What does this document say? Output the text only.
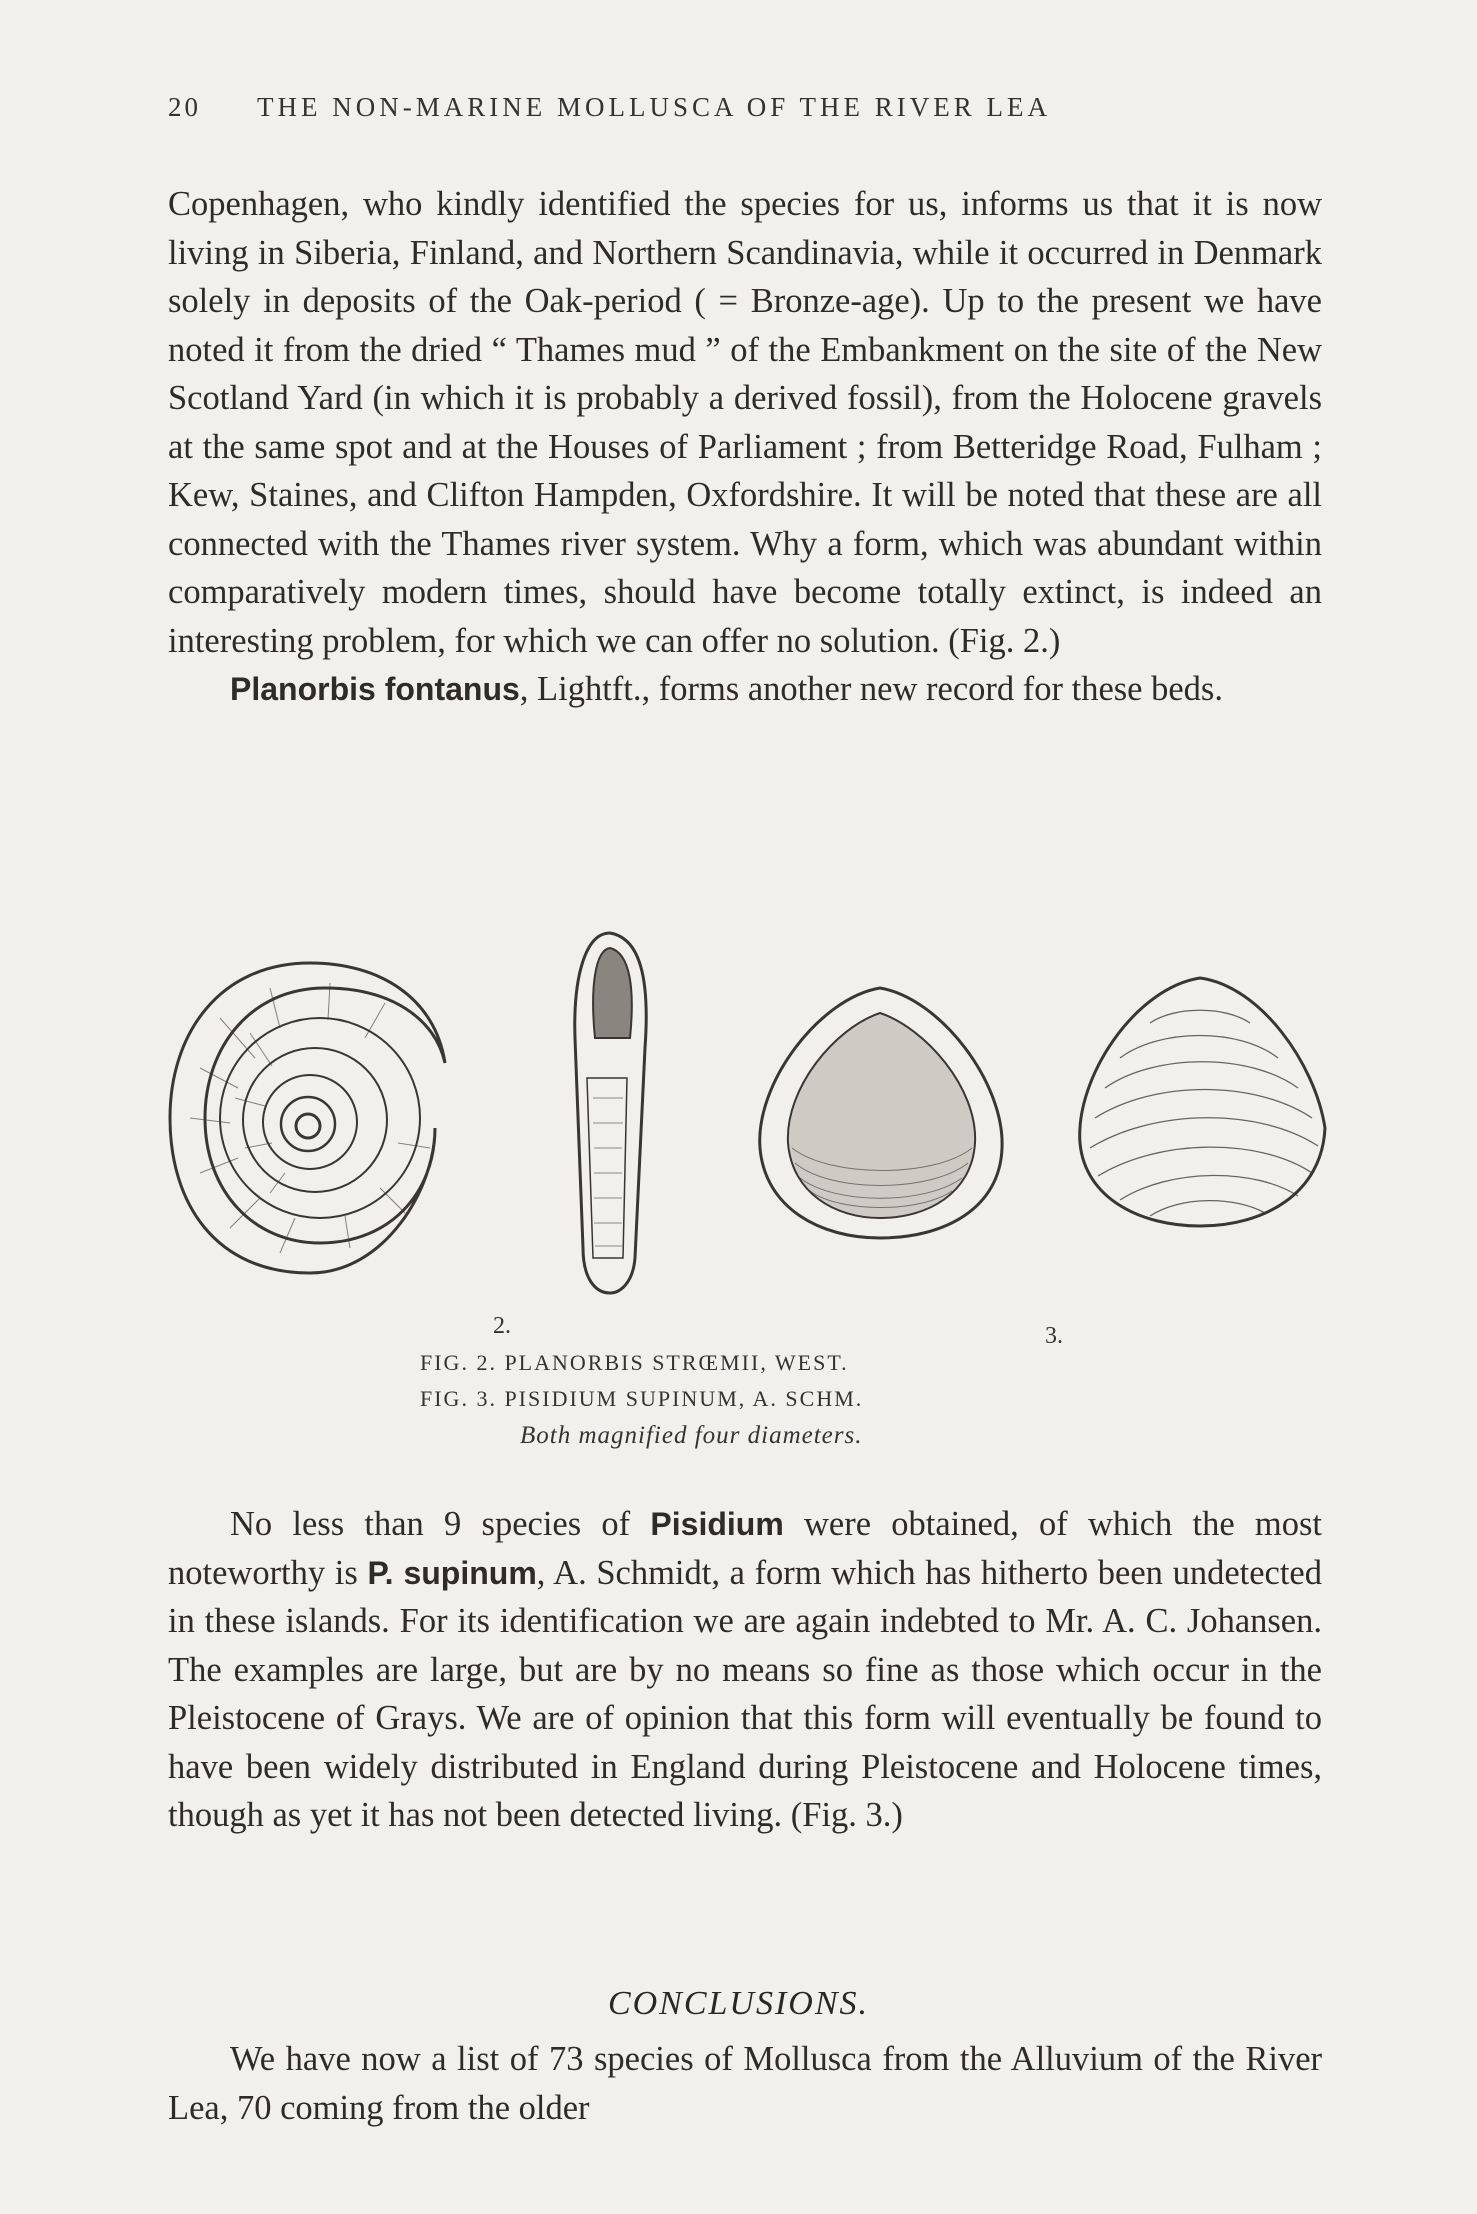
20 THE NON-MARINE MOLLUSCA OF THE RIVER LEA

Copenhagen, who kindly identified the species for us, informs us that it is now living in Siberia, Finland, and Northern Scandinavia, while it occurred in Denmark solely in deposits of the Oak-period ( = Bronze-age). Up to the present we have noted it from the dried “ Thames mud ” of the Embankment on the site of the New Scotland Yard (in which it is probably a derived fossil), from the Holocene gravels at the same spot and at the Houses of Parliament ; from Betteridge Road, Fulham ; Kew, Staines, and Clifton Hampden, Oxfordshire. It will be noted that these are all connected with the Thames river system. Why a form, which was abundant within comparatively modern times, should have become totally extinct, is indeed an interesting problem, for which we can offer no solution. (Fig. 2.)

Planorbis fontanus, Lightft., forms another new record for these beds.

2.	3.
FIG. 2. PLANORBIS STRŒMII, WEST.
FIG. 3. PISIDIUM SUPINUM, A. SCHM.
Both magnified four diameters.

No less than 9 species of Pisidium were obtained, of which the most noteworthy is P. supinum, A. Schmidt, a form which has hitherto been undetected in these islands. For its identification we are again indebted to Mr. A. C. Johansen. The examples are large, but are by no means so fine as those which occur in the Pleistocene of Grays. We are of opinion that this form will eventually be found to have been widely distributed in England during Pleistocene and Holocene times, though as yet it has not been detected living. (Fig. 3.)

CONCLUSIONS.

We have now a list of 73 species of Mollusca from the Alluvium of the River Lea, 70 coming from the older
